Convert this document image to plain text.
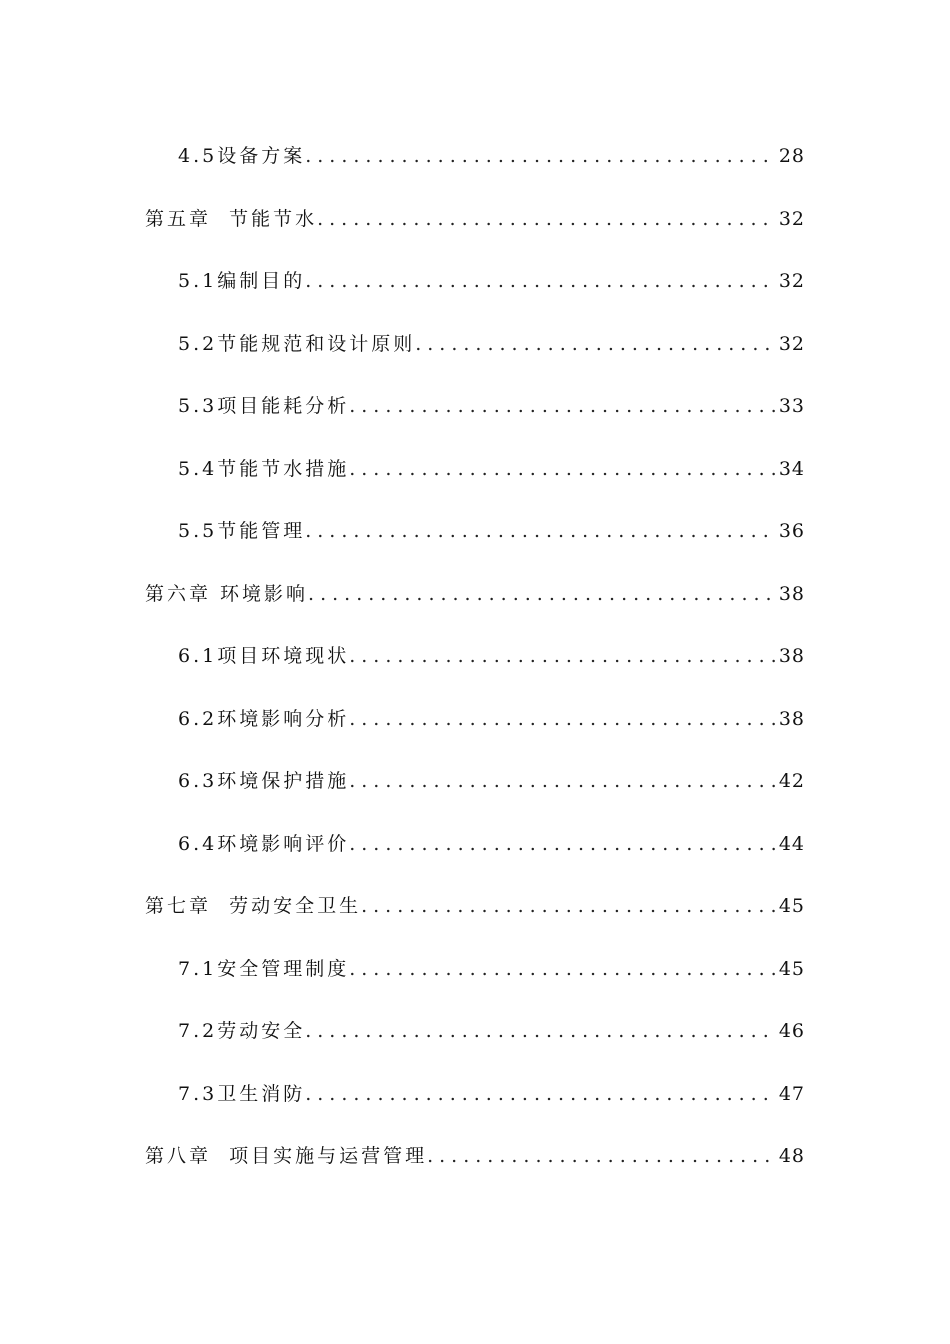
4.5设备方案 .....	28
第五章  节能节水 .....	32
5.1编制目的 .....	32
5.2节能规范和设计原则 .....	32
5.3项目能耗分析 .....	33
5.4节能节水措施 .....	34
5.5节能管理 .....	36
第六章 环境影响 .....	38
6.1项目环境现状 .....	38
6.2环境影响分析 .....	38
6.3环境保护措施 .....	42
6.4环境影响评价 .....	44
第七章  劳动安全卫生 .....	45
7.1安全管理制度 .....	45
7.2劳动安全 .....	46
7.3卫生消防 .....	47
第八章  项目实施与运营管理 .....	48
